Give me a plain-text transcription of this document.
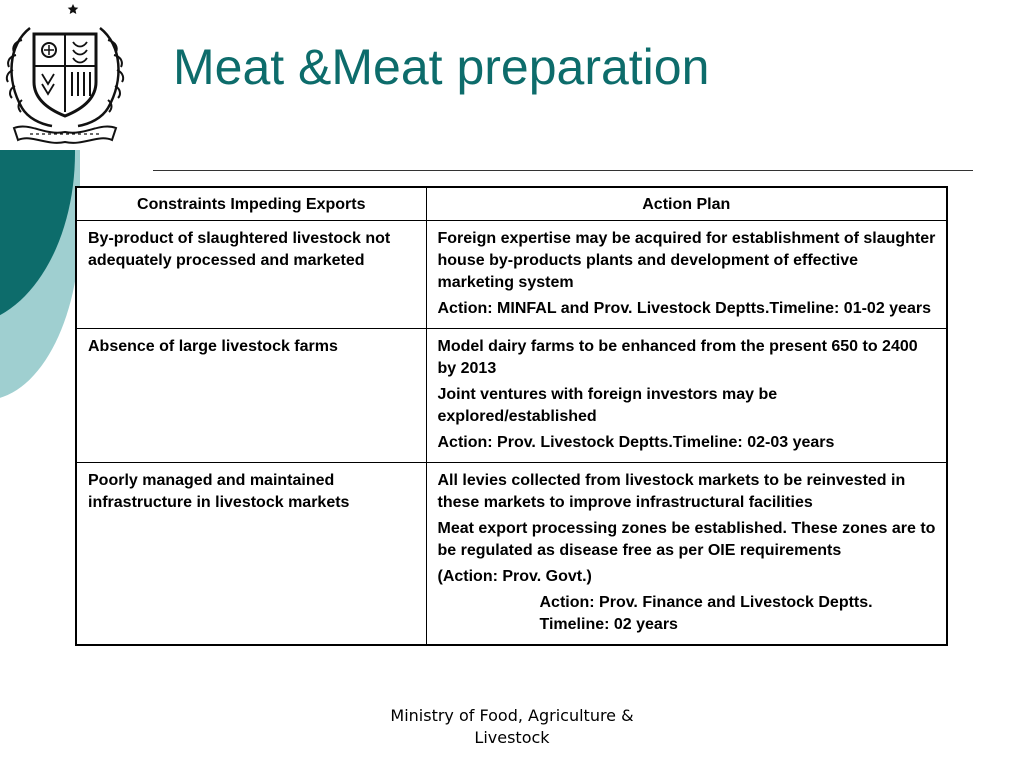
Meat &Meat preparation
Constraints Impeding Exports	Action Plan
By-product of slaughtered livestock not adequately processed and marketed	Foreign expertise may be acquired for establishment of slaughter house by-products plants and development of effective marketing system

Action: MINFAL and Prov. Livestock Deptts.Timeline: 01-02 years

Absence of large livestock farms	Model dairy farms to be enhanced from the present 650 to 2400 by 2013

Joint ventures with foreign investors may be explored/established

Action: Prov. Livestock Deptts.Timeline: 02-03 years

Poorly managed and maintained infrastructure in livestock markets	All levies collected from livestock markets to be reinvested in these markets to improve infrastructural facilities

Meat export processing zones be established. These zones are to be regulated as disease free as per OIE requirements

(Action: Prov. Govt.)

Action: Prov. Finance and Livestock Deptts.       Timeline: 02 years

Ministry of Food, Agriculture & Livestock
